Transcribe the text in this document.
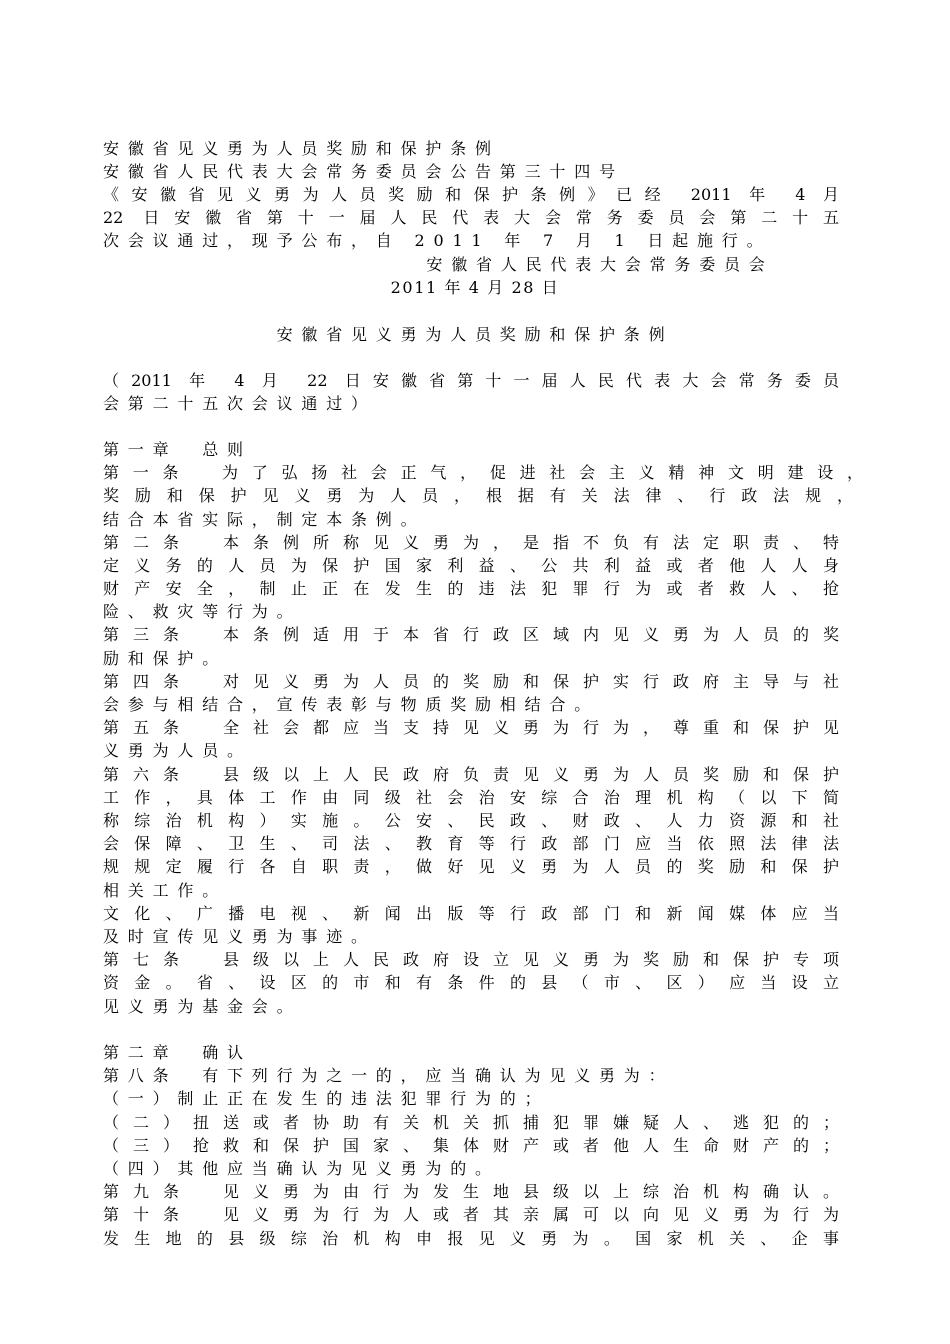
安徽省见义勇为人员奖励和保护条例
安徽省人民代表大会常务委员会公告第三十四号
《安徽省见义勇为人员奖励和保护条例》已经 2011 年 4 月
22 日安徽省第十一届人民代表大会常务委员会第二十五
次会议通过，现予公布，自 2011 年 7 月 1 日起施行。
安徽省人民代表大会常务委员会
2011 年 4 月 28 日
安徽省见义勇为人员奖励和保护条例
（2011 年 4 月 22 日安徽省第十一届人民代表大会常务委员
会第二十五次会议通过）
第一章　总则
第一条　为了弘扬社会正气，促进社会主义精神文明建设，
奖励和保护见义勇为人员，根据有关法律、行政法规，
结合本省实际，制定本条例。
第二条　本条例所称见义勇为，是指不负有法定职责、特
定义务的人员为保护国家利益、公共利益或者他人人身
财产安全，制止正在发生的违法犯罪行为或者救人、抢
险、救灾等行为。
第三条　本条例适用于本省行政区域内见义勇为人员的奖
励和保护。
第四条　对见义勇为人员的奖励和保护实行政府主导与社
会参与相结合，宣传表彰与物质奖励相结合。
第五条　全社会都应当支持见义勇为行为，尊重和保护见
义勇为人员。
第六条　县级以上人民政府负责见义勇为人员奖励和保护
工作，具体工作由同级社会治安综合治理机构（以下简
称综治机构）实施。公安、民政、财政、人力资源和社
会保障、卫生、司法、教育等行政部门应当依照法律法
规规定履行各自职责，做好见义勇为人员的奖励和保护
相关工作。
文化、广播电视、新闻出版等行政部门和新闻媒体应当
及时宣传见义勇为事迹。
第七条　县级以上人民政府设立见义勇为奖励和保护专项
资金。省、设区的市和有条件的县（市、区）应当设立
见义勇为基金会。
第二章　确认
第八条　有下列行为之一的，应当确认为见义勇为：
（一）制止正在发生的违法犯罪行为的；
（二）扭送或者协助有关机关抓捕犯罪嫌疑人、逃犯的；
（三）抢救和保护国家、集体财产或者他人生命财产的；
（四）其他应当确认为见义勇为的。
第九条　见义勇为由行为发生地县级以上综治机构确认。
第十条　见义勇为行为人或者其亲属可以向见义勇为行为
发生地的县级综治机构申报见义勇为。国家机关、企事
